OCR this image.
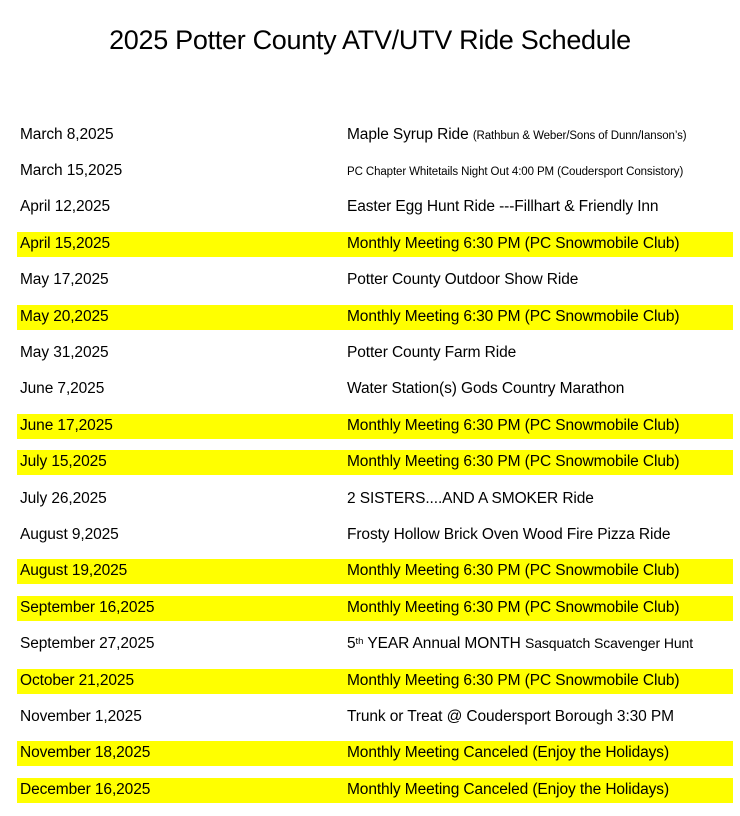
2025 Potter County ATV/UTV Ride Schedule
March 8,2025	Maple Syrup Ride (Rathbun & Weber/Sons of Dunn/Ianson’s)
March 15,2025	PC Chapter Whitetails Night Out 4:00 PM (Coudersport Consistory)
April 12,2025	Easter Egg Hunt Ride ---Fillhart & Friendly Inn
April 15,2025	Monthly Meeting 6:30 PM (PC Snowmobile Club)
May 17,2025	Potter County Outdoor Show Ride
May 20,2025	Monthly Meeting 6:30 PM (PC Snowmobile Club)
May 31,2025	Potter County Farm Ride
June 7,2025	Water Station(s) Gods Country Marathon
June 17,2025	Monthly Meeting 6:30 PM (PC Snowmobile Club)
July 15,2025	Monthly Meeting 6:30 PM (PC Snowmobile Club)
July 26,2025	2 SISTERS....AND A SMOKER Ride
August 9,2025	Frosty Hollow Brick Oven Wood Fire Pizza Ride
August 19,2025	Monthly Meeting 6:30 PM (PC Snowmobile Club)
September 16,2025	Monthly Meeting 6:30 PM (PC Snowmobile Club)
September 27,2025	5th YEAR Annual MONTH Sasquatch Scavenger Hunt
October 21,2025	Monthly Meeting 6:30 PM (PC Snowmobile Club)
November 1,2025	Trunk or Treat @ Coudersport Borough 3:30 PM
November 18,2025	Monthly Meeting Canceled (Enjoy the Holidays)
December 16,2025	Monthly Meeting Canceled (Enjoy the Holidays)
